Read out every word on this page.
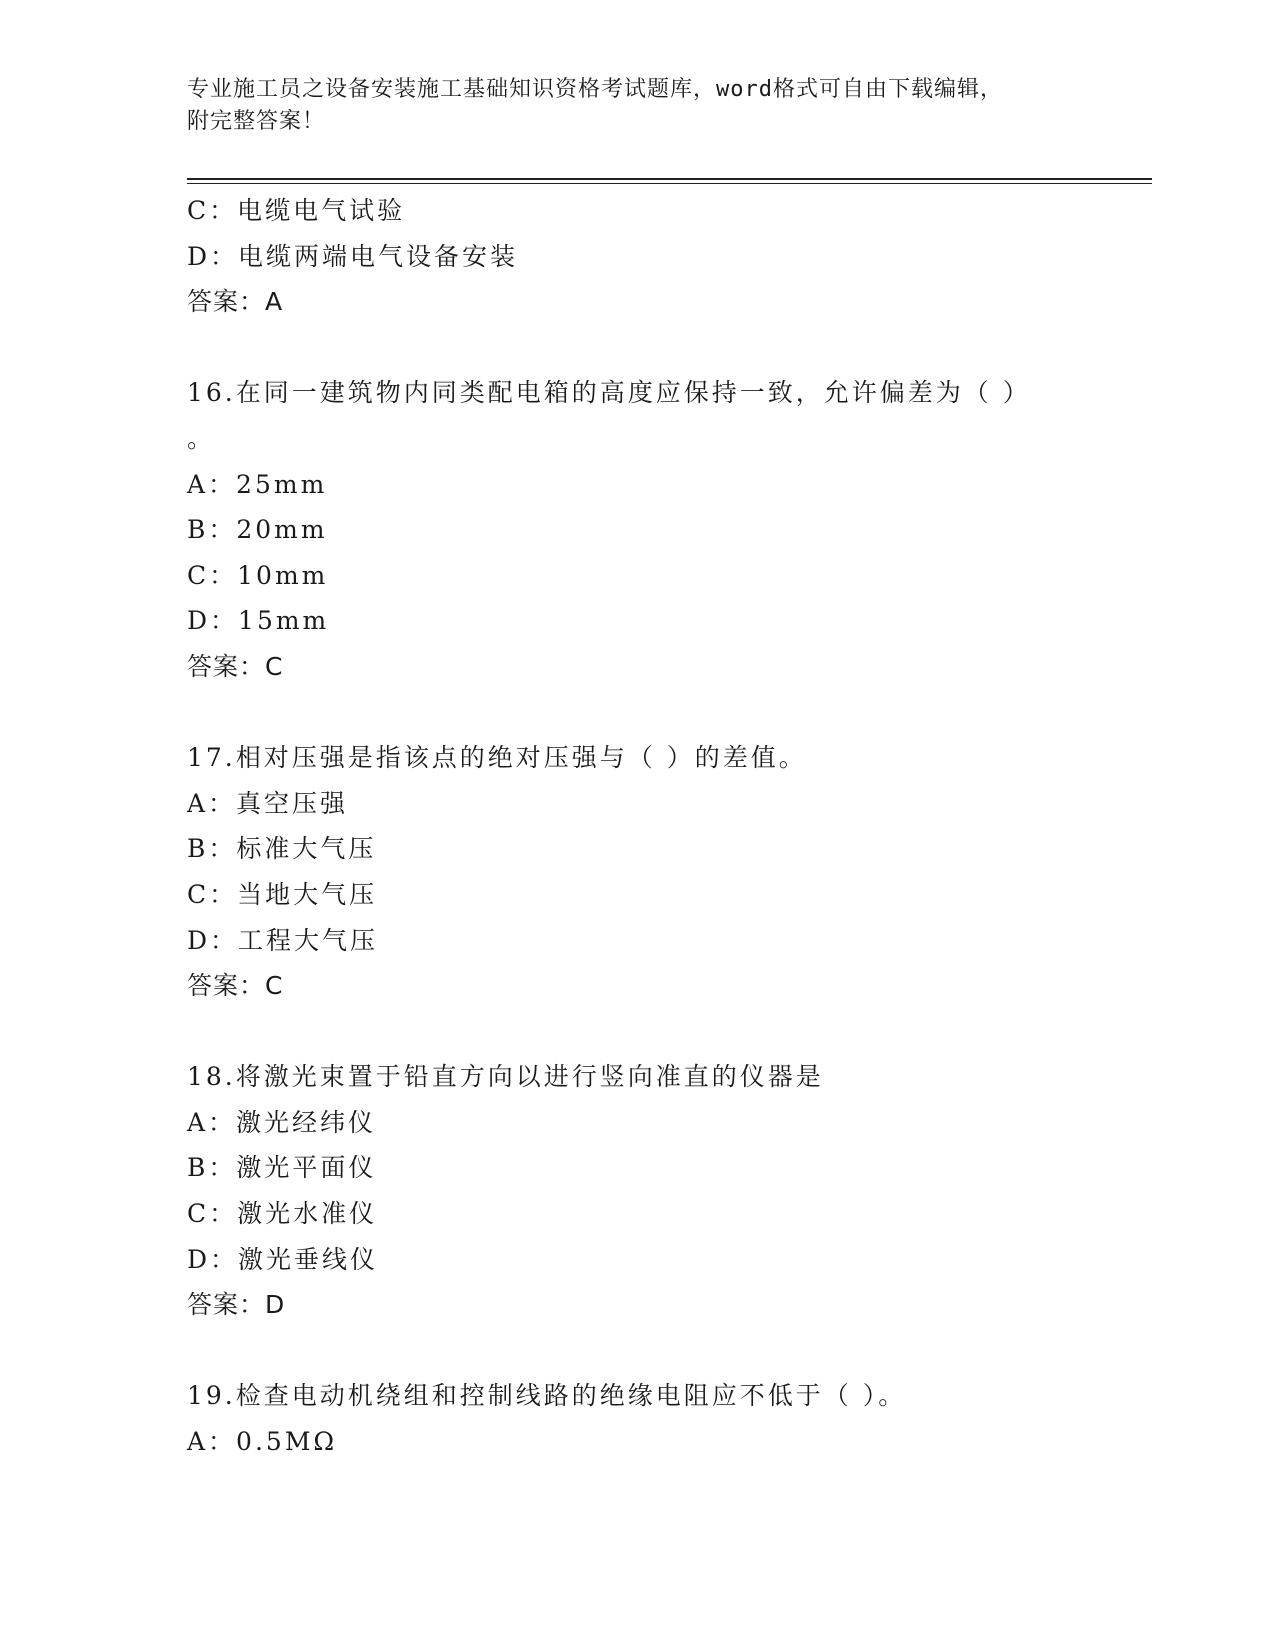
专业施工员之设备安装施工基础知识资格考试题库，word格式可自由下载编辑，
附完整答案！
C：电缆电气试验
D：电缆两端电气设备安装
答案：A
16.在同一建筑物内同类配电箱的高度应保持一致，允许偏差为（ ）
。
A：25mm
B：20mm
C：10mm
D：15mm
答案：C
17.相对压强是指该点的绝对压强与（ ）的差值。
A：真空压强
B：标准大气压
C：当地大气压
D：工程大气压
答案：C
18.将激光束置于铅直方向以进行竖向准直的仪器是
A：激光经纬仪
B：激光平面仪
C：激光水准仪
D：激光垂线仪
答案：D
19.检查电动机绕组和控制线路的绝缘电阻应不低于（ ）。
A：0.5MΩ
